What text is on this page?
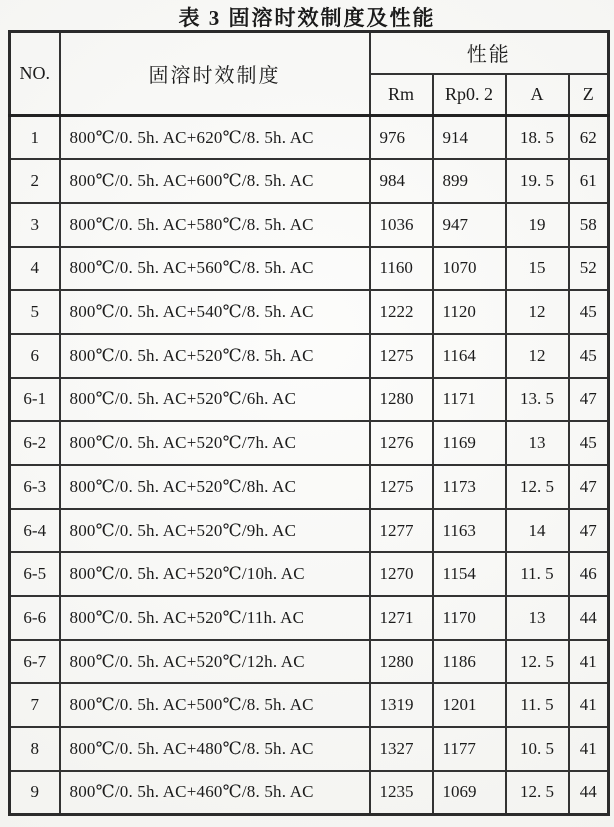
表 3 固溶时效制度及性能
NO.	固溶时效制度	性能			
		Rm	Rp0. 2	A	Z
1	800℃/0. 5h. AC+620℃/8. 5h. AC	976	914	18. 5	62
2	800℃/0. 5h. AC+600℃/8. 5h. AC	984	899	19. 5	61
3	800℃/0. 5h. AC+580℃/8. 5h. AC	1036	947	19	58
4	800℃/0. 5h. AC+560℃/8. 5h. AC	1160	1070	15	52
5	800℃/0. 5h. AC+540℃/8. 5h. AC	1222	1120	12	45
6	800℃/0. 5h. AC+520℃/8. 5h. AC	1275	1164	12	45
6-1	800℃/0. 5h. AC+520℃/6h. AC	1280	1171	13. 5	47
6-2	800℃/0. 5h. AC+520℃/7h. AC	1276	1169	13	45
6-3	800℃/0. 5h. AC+520℃/8h. AC	1275	1173	12. 5	47
6-4	800℃/0. 5h. AC+520℃/9h. AC	1277	1163	14	47
6-5	800℃/0. 5h. AC+520℃/10h. AC	1270	1154	11. 5	46
6-6	800℃/0. 5h. AC+520℃/11h. AC	1271	1170	13	44
6-7	800℃/0. 5h. AC+520℃/12h. AC	1280	1186	12. 5	41
7	800℃/0. 5h. AC+500℃/8. 5h. AC	1319	1201	11. 5	41
8	800℃/0. 5h. AC+480℃/8. 5h. AC	1327	1177	10. 5	41
9	800℃/0. 5h. AC+460℃/8. 5h. AC	1235	1069	12. 5	44
